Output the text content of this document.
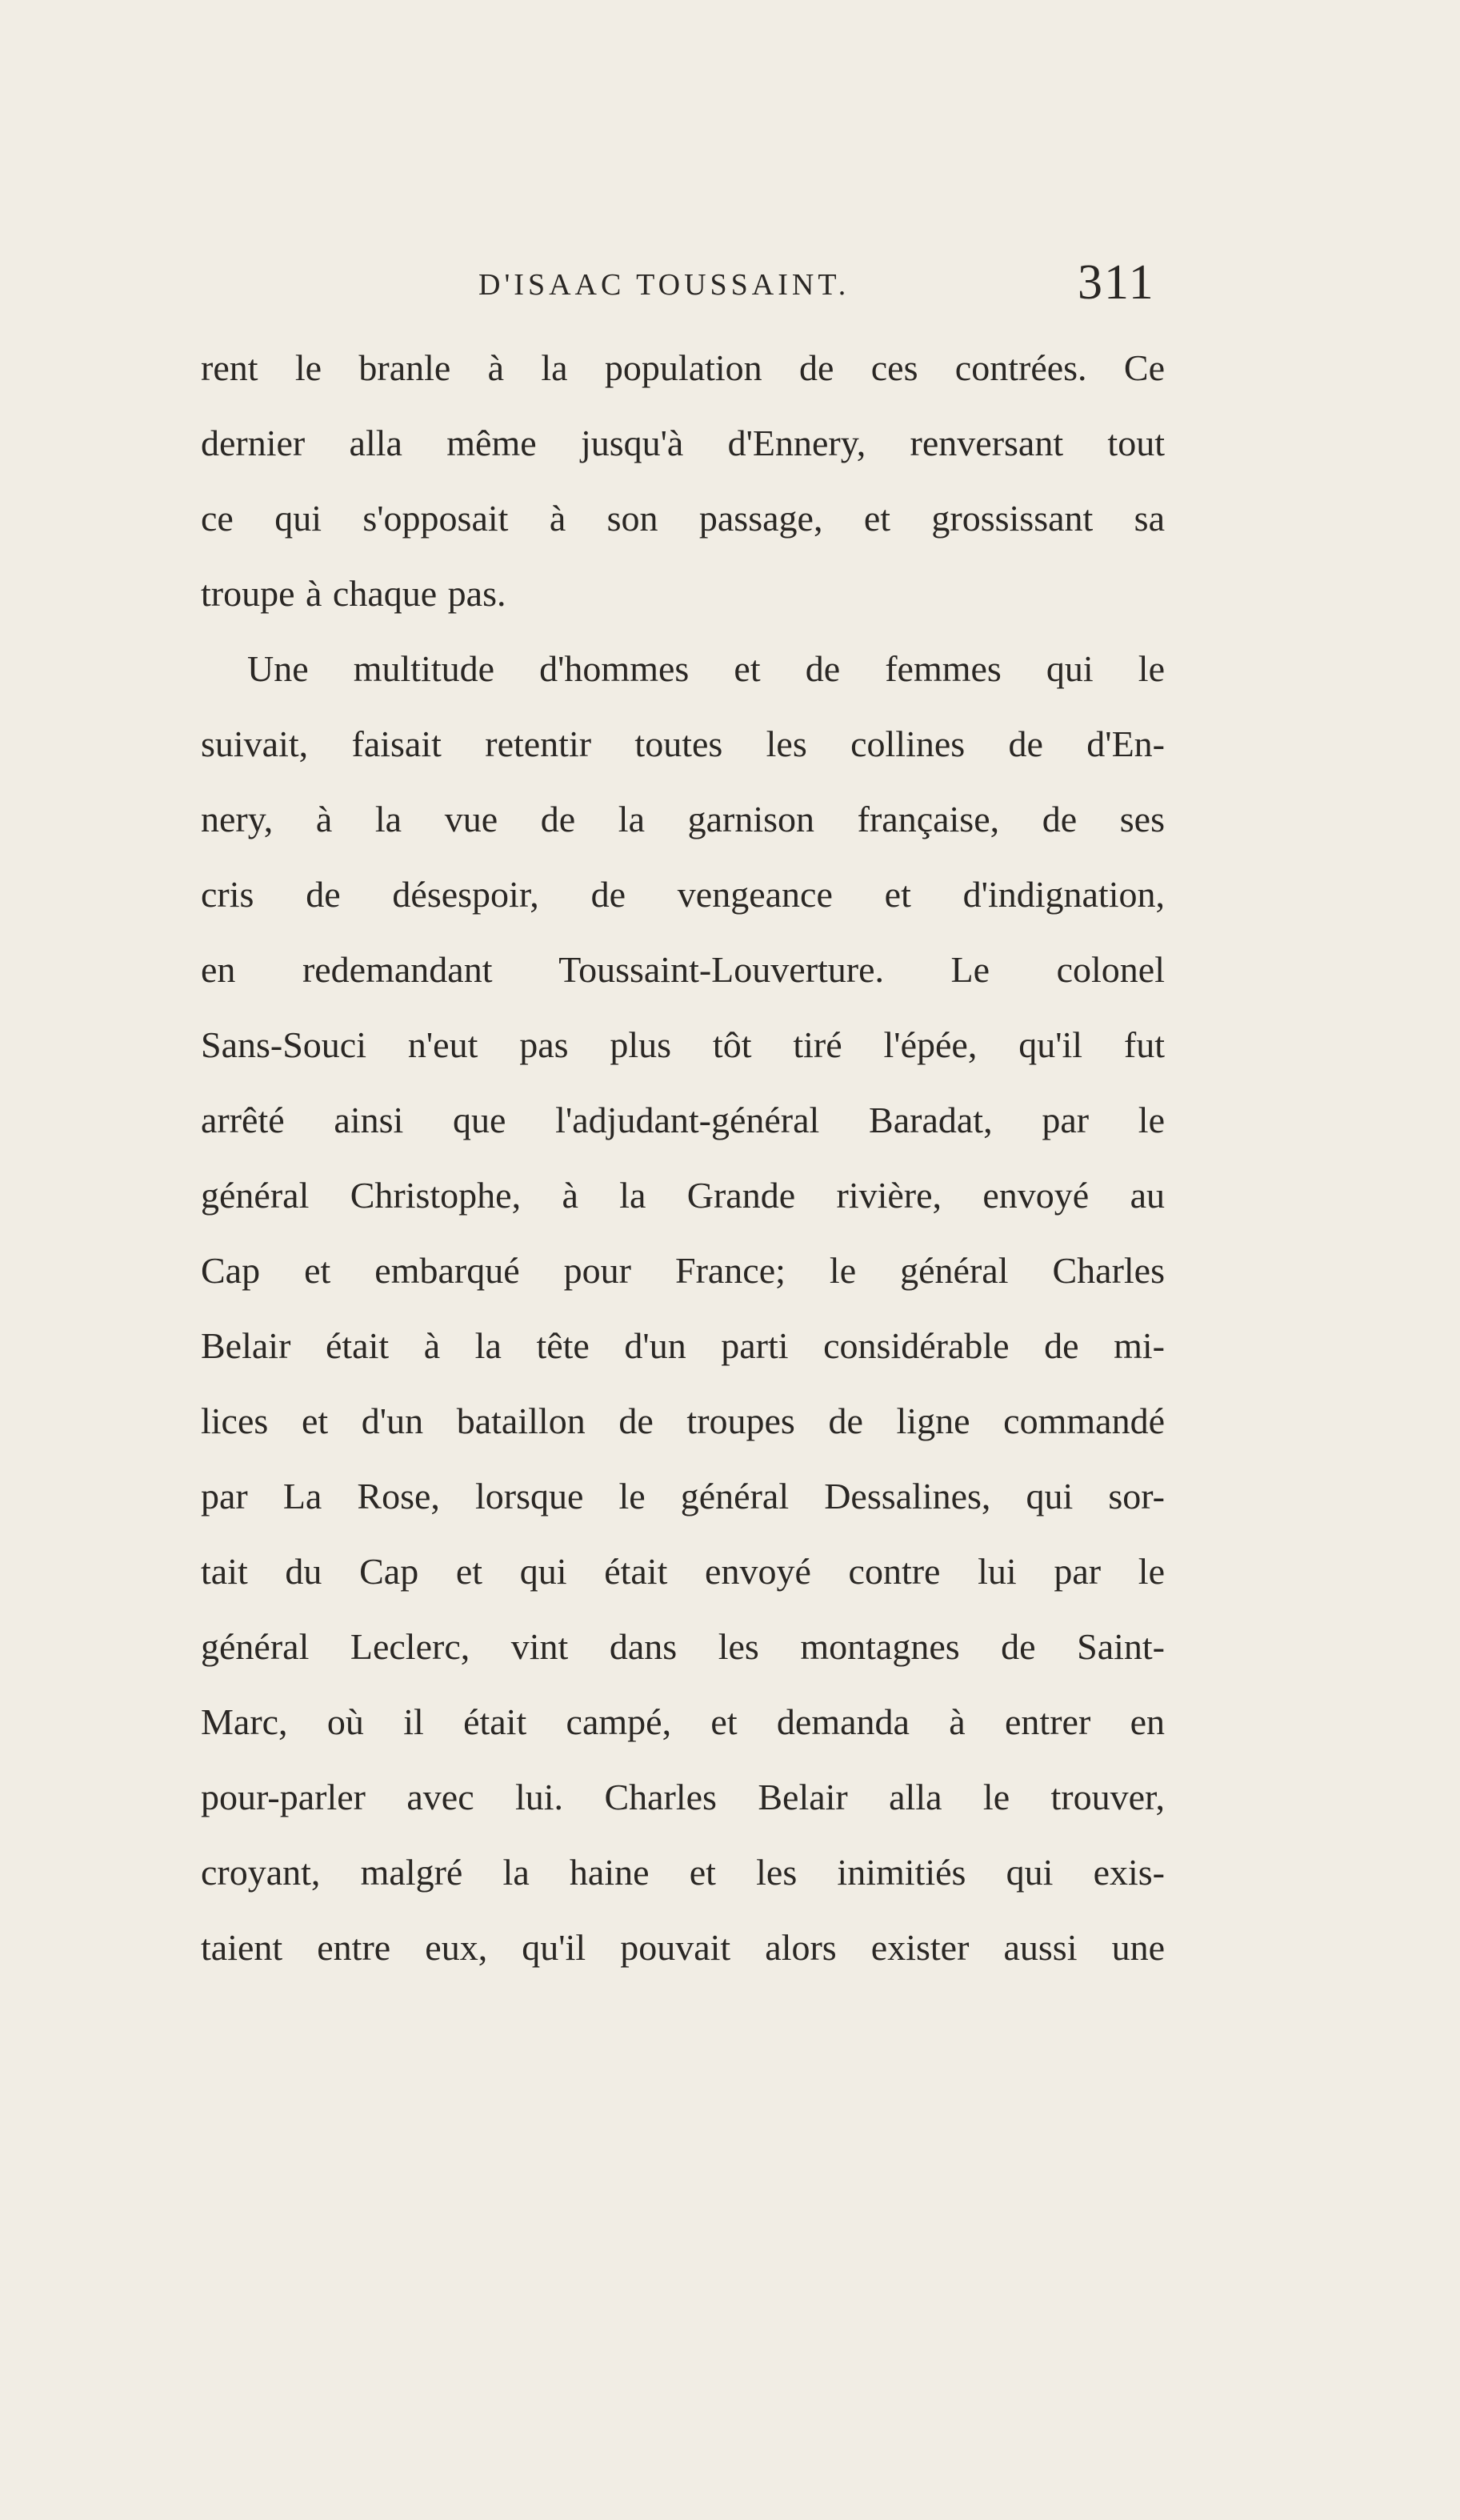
D'ISAAC TOUSSAINT.	311
rent le branle à la population de ces contrées. Ce
dernier alla même jusqu'à d'Ennery, renversant tout
ce qui s'opposait à son passage, et grossissant sa
troupe à chaque pas.
Une multitude d'hommes et de femmes qui le
suivait, faisait retentir toutes les collines de d'En-
nery, à la vue de la garnison française, de ses
cris de désespoir, de vengeance et d'indignation,
en redemandant Toussaint-Louverture. Le colonel
Sans-Souci n'eut pas plus tôt tiré l'épée, qu'il fut
arrêté ainsi que l'adjudant-général Baradat, par le
général Christophe, à la Grande rivière, envoyé au
Cap et embarqué pour France; le général Charles
Belair était à la tête d'un parti considérable de mi-
lices et d'un bataillon de troupes de ligne commandé
par La Rose, lorsque le général Dessalines, qui sor-
tait du Cap et qui était envoyé contre lui par le
général Leclerc, vint dans les montagnes de Saint-
Marc, où il était campé, et demanda à entrer en
pour-parler avec lui. Charles Belair alla le trouver,
croyant, malgré la haine et les inimitiés qui exis-
taient entre eux, qu'il pouvait alors exister aussi une
